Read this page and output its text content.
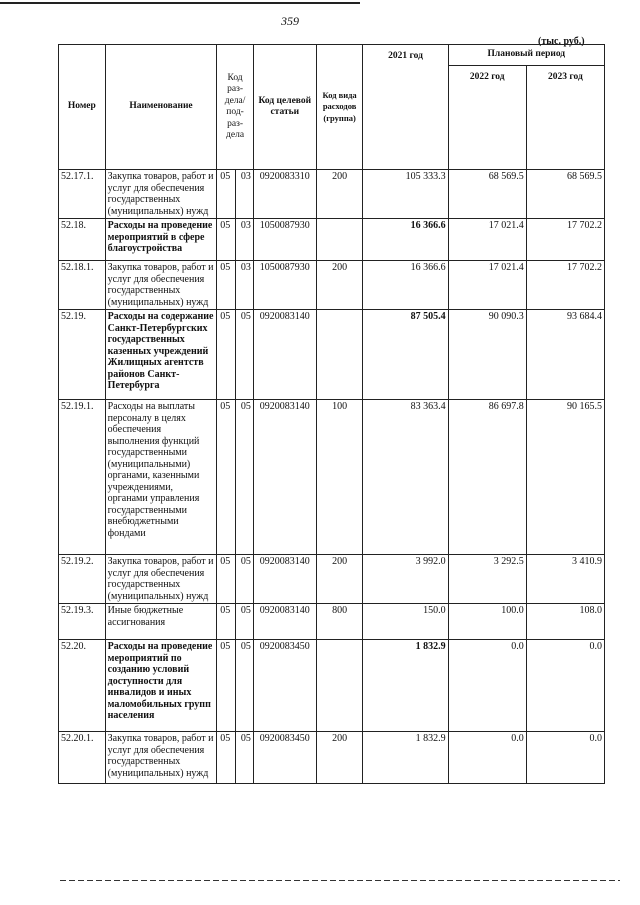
359
(тыс. руб.)
Номер	Наименование	Код раз-дела/ под-раз-дела		Код целевой статьи	Код вида расходов (группа)	2021 год	Плановый период	
							2022 год	2023 год
52.17.1.	Закупка товаров, работ и услуг для обеспечения государственных (муниципальных) нужд	05	03	0920083310	200	105 333.3	68 569.5	68 569.5
52.18.	Расходы на проведение мероприятий в сфере благоустройства	05	03	1050087930		16 366.6	17 021.4	17 702.2
52.18.1.	Закупка товаров, работ и услуг для обеспечения государственных (муниципальных) нужд	05	03	1050087930	200	16 366.6	17 021.4	17 702.2
52.19.	Расходы на содержание Санкт-Петербургских государственных казенных учреждений Жилищных агентств районов Санкт-Петербурга	05	05	0920083140		87 505.4	90 090.3	93 684.4
52.19.1.	Расходы на выплаты персоналу в целях обеспечения выполнения функций государственными (муниципальными) органами, казенными учреждениями, органами управления государственными внебюджетными фондами	05	05	0920083140	100	83 363.4	86 697.8	90 165.5
52.19.2.	Закупка товаров, работ и услуг для обеспечения государственных (муниципальных) нужд	05	05	0920083140	200	3 992.0	3 292.5	3 410.9
52.19.3.	Иные бюджетные ассигнования	05	05	0920083140	800	150.0	100.0	108.0
52.20.	Расходы на проведение мероприятий по созданию условий доступности для инвалидов и иных маломобильных групп населения	05	05	0920083450		1 832.9	0.0	0.0
52.20.1.	Закупка товаров, работ и услуг для обеспечения государственных (муниципальных) нужд	05	05	0920083450	200	1 832.9	0.0	0.0
